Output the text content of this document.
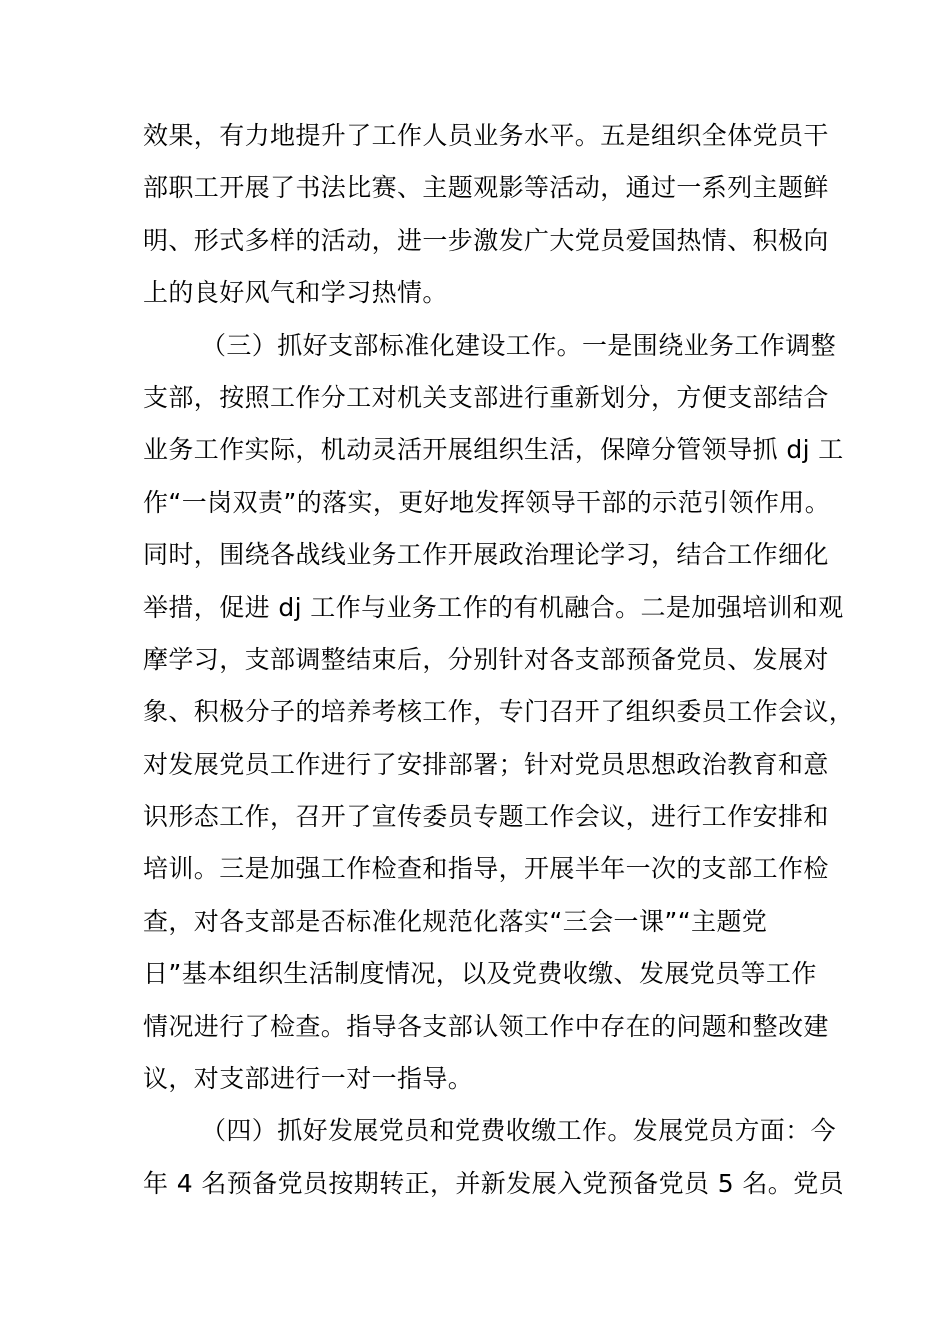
效果，有力地提升了工作人员业务水平。五是组织全体党员干
部职工开展了书法比赛、主题观影等活动，通过一系列主题鲜
明、形式多样的活动，进一步激发广大党员爱国热情、积极向
上的良好风气和学习热情。
（三）抓好支部标准化建设工作。一是围绕业务工作调整
支部，按照工作分工对机关支部进行重新划分，方便支部结合
业务工作实际，机动灵活开展组织生活，保障分管领导抓 dj 工
作“一岗双责”的落实，更好地发挥领导干部的示范引领作用。
同时，围绕各战线业务工作开展政治理论学习，结合工作细化
举措，促进 dj 工作与业务工作的有机融合。二是加强培训和观
摩学习，支部调整结束后，分别针对各支部预备党员、发展对
象、积极分子的培养考核工作，专门召开了组织委员工作会议，
对发展党员工作进行了安排部署；针对党员思想政治教育和意
识形态工作，召开了宣传委员专题工作会议，进行工作安排和
培训。三是加强工作检查和指导，开展半年一次的支部工作检
查，对各支部是否标准化规范化落实“三会一课”“主题党
日”基本组织生活制度情况，以及党费收缴、发展党员等工作
情况进行了检查。指导各支部认领工作中存在的问题和整改建
议，对支部进行一对一指导。
（四）抓好发展党员和党费收缴工作。发展党员方面：今
年 4 名预备党员按期转正，并新发展入党预备党员 5 名。党员
